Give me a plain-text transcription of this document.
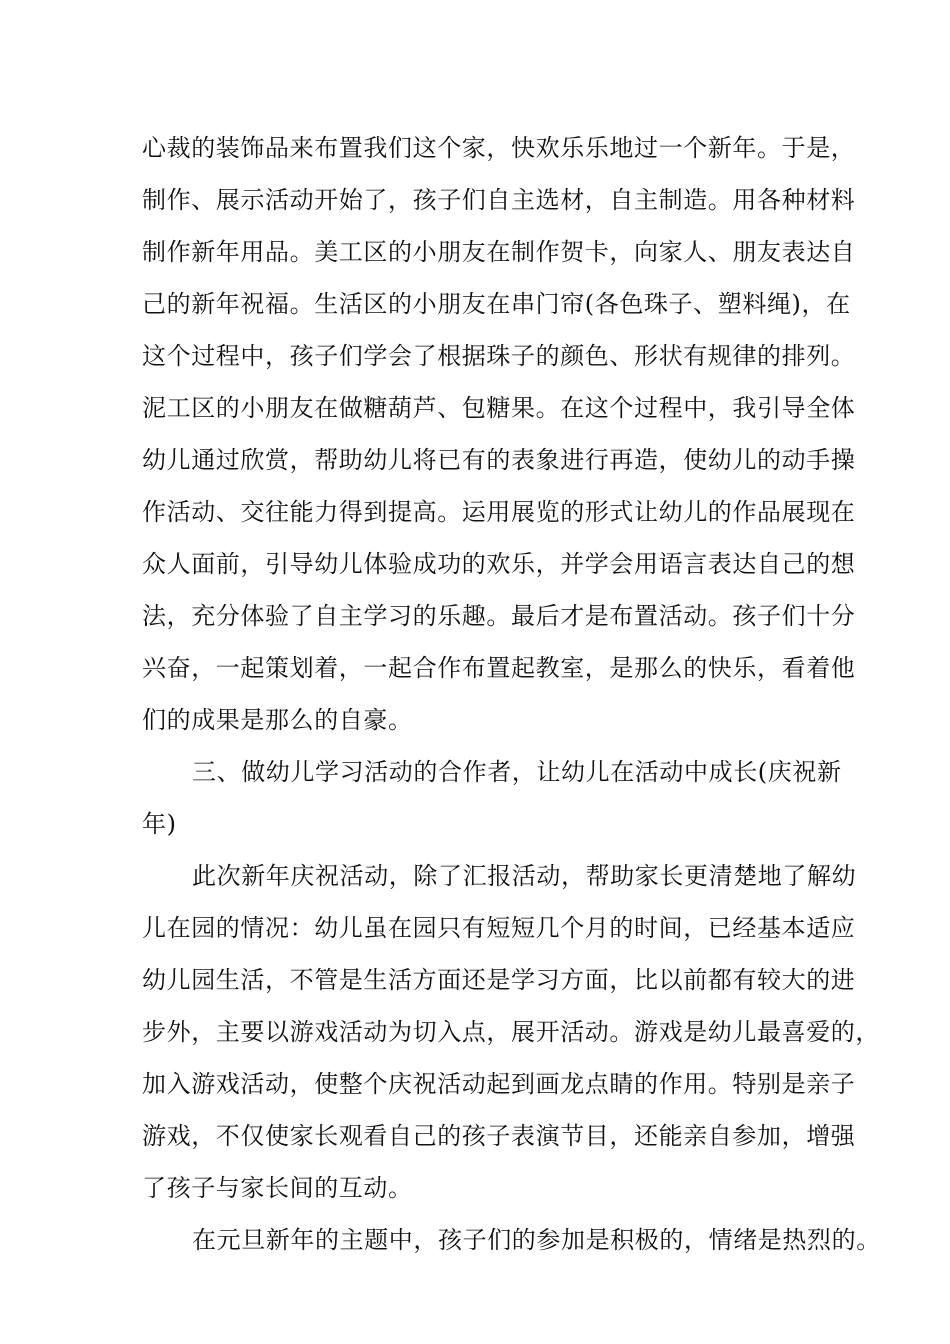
心裁的装饰品来布置我们这个家，快欢乐乐地过一个新年。于是，
制作、展示活动开始了，孩子们自主选材，自主制造。用各种材料
制作新年用品。美工区的小朋友在制作贺卡，向家人、朋友表达自
己的新年祝福。生活区的小朋友在串门帘(各色珠子、塑料绳)，在
这个过程中，孩子们学会了根据珠子的颜色、形状有规律的排列。
泥工区的小朋友在做糖葫芦、包糖果。在这个过程中，我引导全体
幼儿通过欣赏，帮助幼儿将已有的表象进行再造，使幼儿的动手操
作活动、交往能力得到提高。运用展览的形式让幼儿的作品展现在
众人面前，引导幼儿体验成功的欢乐，并学会用语言表达自己的想
法，充分体验了自主学习的乐趣。最后才是布置活动。孩子们十分
兴奋，一起策划着，一起合作布置起教室，是那么的快乐，看着他
们的成果是那么的自豪。
三、做幼儿学习活动的合作者，让幼儿在活动中成长(庆祝新
年)
此次新年庆祝活动，除了汇报活动，帮助家长更清楚地了解幼
儿在园的情况：幼儿虽在园只有短短几个月的时间，已经基本适应
幼儿园生活，不管是生活方面还是学习方面，比以前都有较大的进
步外，主要以游戏活动为切入点，展开活动。游戏是幼儿最喜爱的，
加入游戏活动，使整个庆祝活动起到画龙点睛的作用。特别是亲子
游戏，不仅使家长观看自己的孩子表演节目，还能亲自参加，增强
了孩子与家长间的互动。
在元旦新年的主题中，孩子们的参加是积极的，情绪是热烈的。
